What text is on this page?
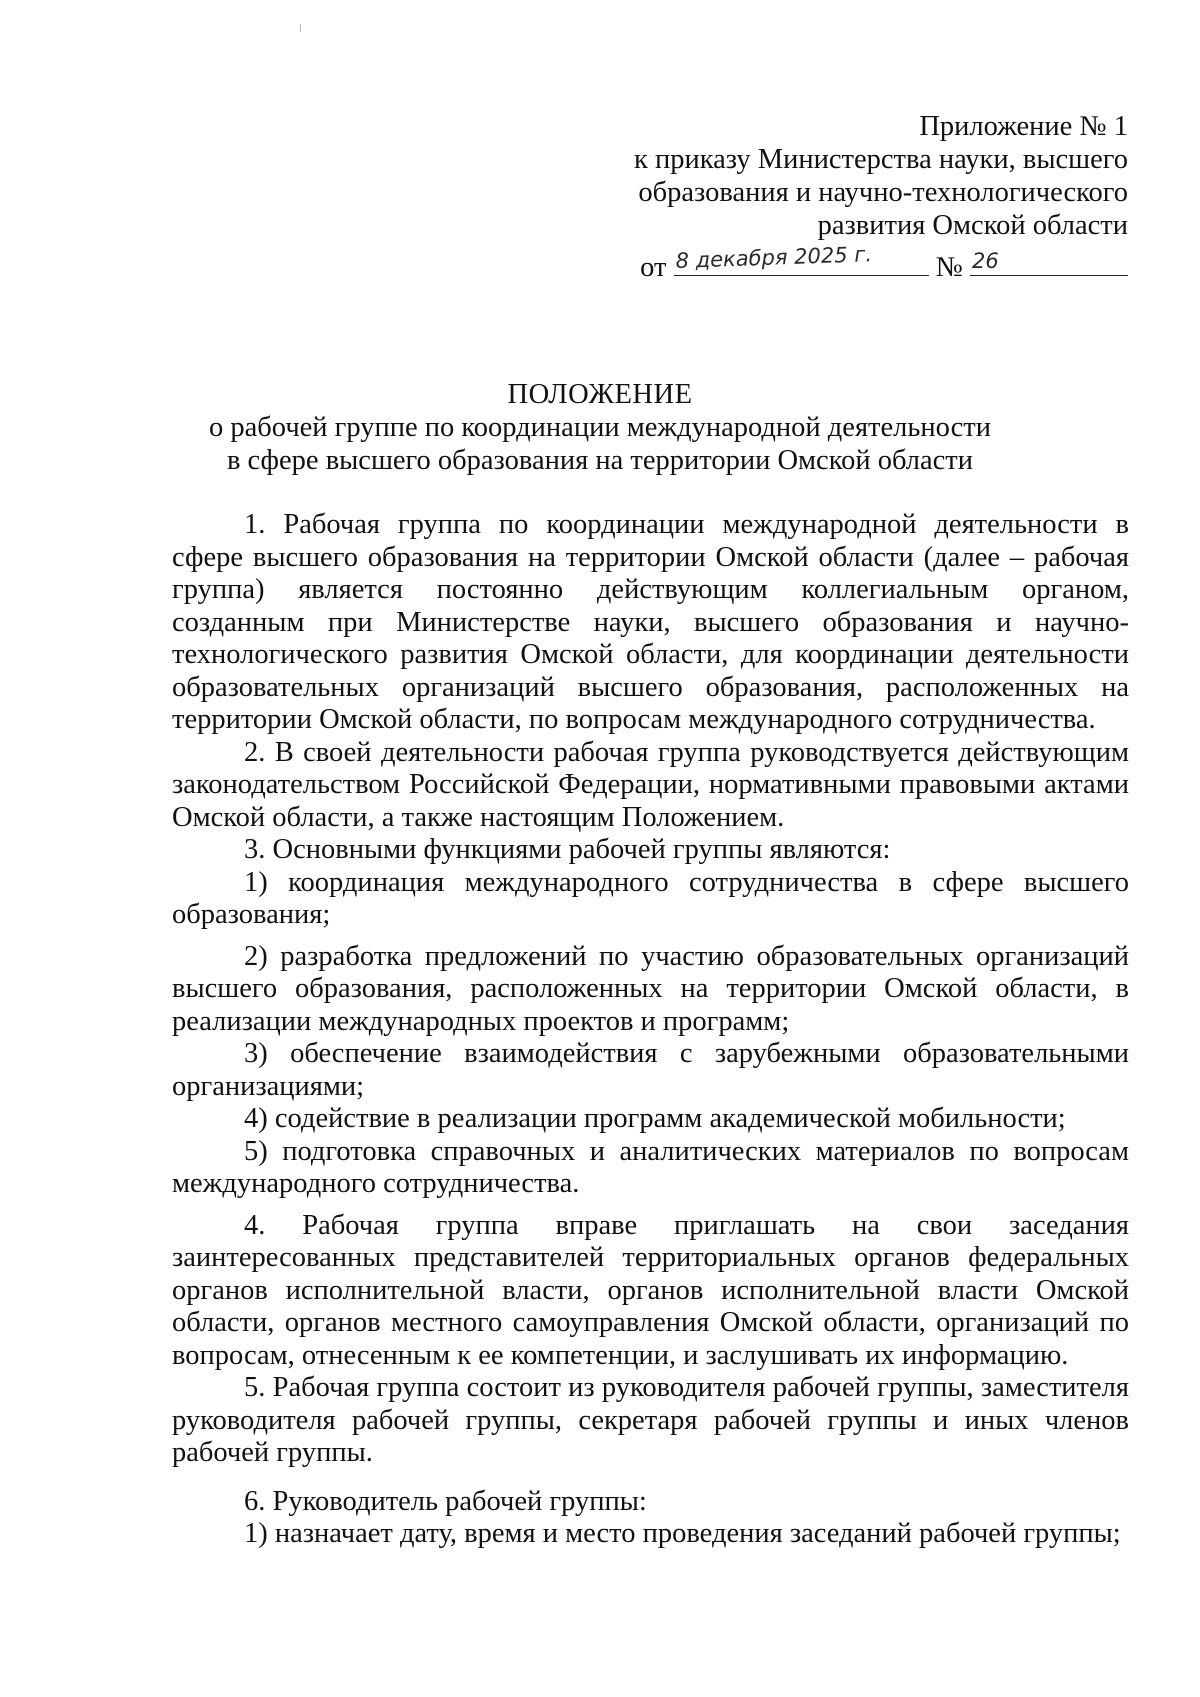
Приложение № 1
к приказу Министерства науки, высшего
образования и научно-технологического
развития Омской области
от 8 декабря 2025 г. № 26
ПОЛОЖЕНИЕ
о рабочей группе по координации международной деятельности
в сфере высшего образования на территории Омской области

1. Рабочая группа по координации международной деятельности в сфере высшего образования на территории Омской области (далее – рабочая группа) является постоянно действующим коллегиальным органом, созданным при Министерстве науки, высшего образования и научно-технологического развития Омской области, для координации деятельности образовательных организаций высшего образования, расположенных на территории Омской области, по вопросам международного сотрудничества.

2. В своей деятельности рабочая группа руководствуется действующим законодательством Российской Федерации, нормативными правовыми актами Омской области, а также настоящим Положением.

3. Основными функциями рабочей группы являются:

1) координация международного сотрудничества в сфере высшего образования;

2) разработка предложений по участию образовательных организаций высшего образования, расположенных на территории Омской области, в реализации международных проектов и программ;

3) обеспечение взаимодействия с зарубежными образовательными организациями;

4) содействие в реализации программ академической мобильности;

5) подготовка справочных и аналитических материалов по вопросам международного сотрудничества.

4. Рабочая группа вправе приглашать на свои заседания заинтересованных представителей территориальных органов федеральных органов исполнительной власти, органов исполнительной власти Омской области, органов местного самоуправления Омской области, организаций по вопросам, отнесенным к ее компетенции, и заслушивать их информацию.

5. Рабочая группа состоит из руководителя рабочей группы, заместителя руководителя рабочей группы, секретаря рабочей группы и иных членов рабочей группы.

6. Руководитель рабочей группы:

1) назначает дату, время и место проведения заседаний рабочей группы;
